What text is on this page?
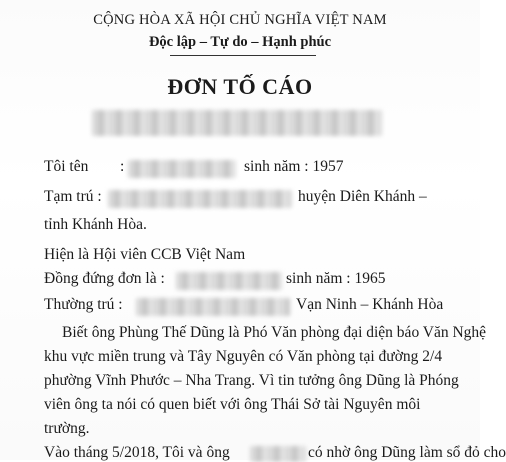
CỘNG HÒA XÃ HỘI CHỦ NGHĨA VIỆT NAM
Độc lập – Tự do – Hạnh phúc
ĐƠN TỐ CÁO
Tôi tên :	sinh năm : 1957
Tạm trú :	huyện Diên Khánh –
tỉnh Khánh Hòa.
Hiện là Hội viên CCB Việt Nam
Đồng đứng đơn là :	sinh năm : 1965
Thường trú :	Vạn Ninh – Khánh Hòa
Biết ông Phùng Thế Dũng là Phó Văn phòng đại diện báo Văn Nghệ
khu vực miền trung và Tây Nguyên có Văn phòng tại đường 2/4
phường Vĩnh Phước – Nha Trang. Vì tin tưởng ông Dũng là Phóng
viên ông ta nói có quen biết với ông Thái Sở tài Nguyên môi
trường.
Vào tháng 5/2018, Tôi và ông	có nhờ ông Dũng làm sổ đỏ cho
